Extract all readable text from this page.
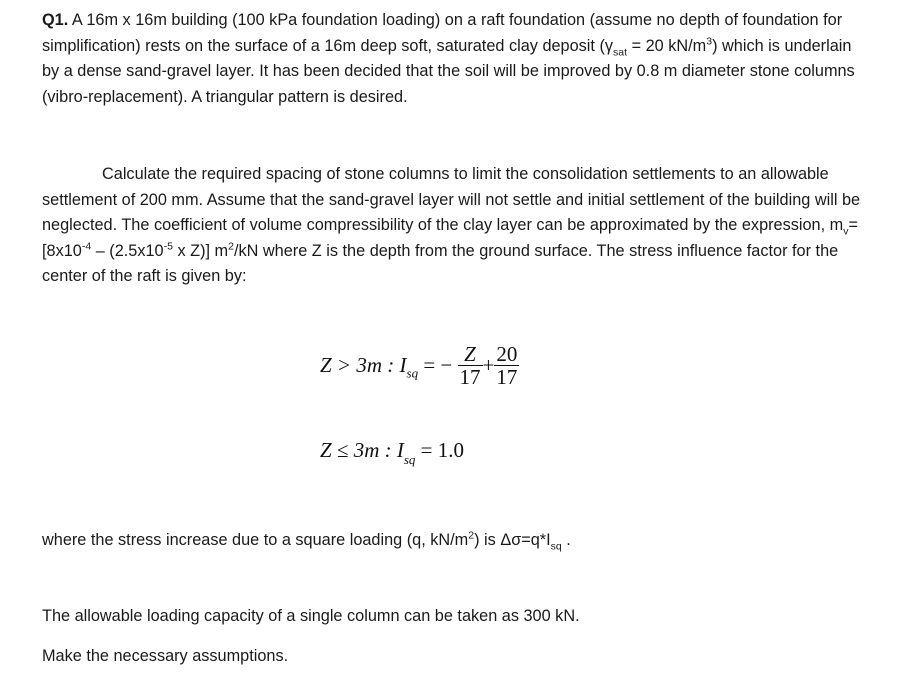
Q1. A 16m x 16m building (100 kPa foundation loading) on a raft foundation (assume no depth of foundation for simplification) rests on the surface of a 16m deep soft, saturated clay deposit ($\gamma_{sat} = 20$ $kN/m^3$) which is underlain by a dense sand-gravel layer. It has been decided that the soil will be improved by 0.8 m diameter stone columns (vibro-replacement). A triangular pattern is desired.

Calculate the required spacing of stone columns to limit the consolidation settlements to an allowable settlement of 200 mm. Assume that the sand-gravel layer will not settle and initial settlement of the building will be neglected. The coefficient of volume compressibility of the clay layer can be approximated by the expression, $m_v=[8x10^{-4} - (2.5x10^{-5}$ x Z)] $m^2/kN$ where Z is the depth from the ground surface. The stress influence factor for the center of the raft is given by:

Z > 3m : $I_{sq}$ = − $\frac{Z}{17} + \frac{20}{17}$
Z ≤ 3m : $I_{sq} = 1.0$

where the stress increase due to a square loading (q, $kN/m^2$) is $\Delta\sigma=q*I_{sq}$ .

The allowable loading capacity of a single column can be taken as 300 kN.

Make the necessary assumptions.
